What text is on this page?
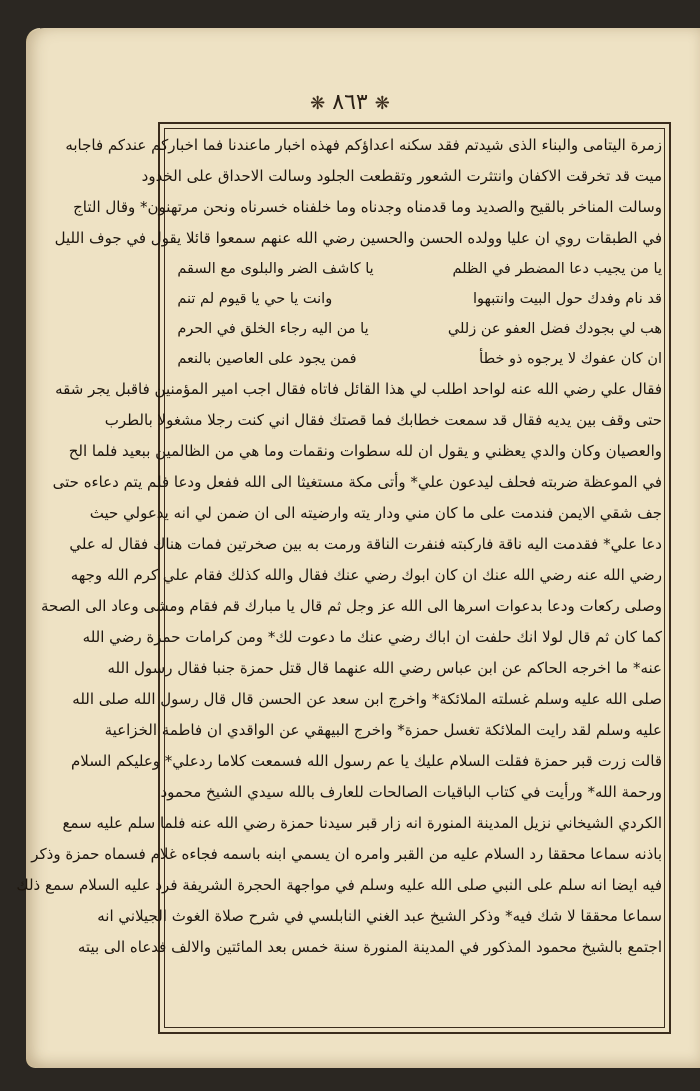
❋ ٨٦٣ ❋
زمرة اليتامى والبناء الذى شيدتم فقد سكنه اعداؤكم فهذه اخبار ماعندنا فما اخباركم عندكم فاجابه
ميت قد تخرقت الاكفان وانتثرت الشعور وتقطعت الجلود وسالت الاحداق على الخدود
وسالت المناخر بالقيح والصديد وما قدمناه وجدناه وما خلفناه خسرناه ونحن مرتهنون* وقال التاج
في الطبقات روي ان عليا وولده الحسن والحسين رضي الله عنهم سمعوا قائلا يقول في جوف الليل
يا من يجيب دعا المضطر في الظلم يا كاشف الضر والبلوى مع السقم
قد نام وفدك حول البيت وانتبهوا وانت يا حي يا قيوم لم تنم
هب لي بجودك فضل العفو عن زللي يا من اليه رجاء الخلق في الحرم
ان كان عفوك لا يرجوه ذو خطأ فمن يجود على العاصين بالنعم
فقال علي رضي الله عنه لواحد اطلب لي هذا القائل فاتاه فقال اجب امير المؤمنين فاقبل يجر شقه
حتى وقف بين يديه فقال قد سمعت خطابك فما قصتك فقال اني كنت رجلا مشغولا بالطرب
والعصيان وكان والدي يعظني و يقول ان لله سطوات ونقمات وما هي من الظالمين ببعيد فلما الح
في الموعظة ضربته فحلف ليدعون علي* وأتى مكة مستغيثا الى الله ففعل ودعا فلم يتم دعاءه حتى
جف شقي الايمن فندمت على ما كان مني ودار يته وارضيته الى ان ضمن لي انه يدعولي حيث
دعا علي* فقدمت اليه ناقة فاركبته فنفرت الناقة ورمت به بين صخرتين فمات هناك فقال له علي
رضي الله عنه رضي الله عنك ان كان ابوك رضي عنك فقال والله كذلك فقام علي كرم الله وجهه
وصلى ركعات ودعا بدعوات اسرها الى الله عز وجل ثم قال يا مبارك قم فقام ومشى وعاد الى الصحة
كما كان ثم قال لولا انك حلفت ان اباك رضي عنك ما دعوت لك* ومن كرامات حمزة رضي الله
عنه* ما اخرجه الحاكم عن ابن عباس رضي الله عنهما قال قتل حمزة جنبا فقال رسول الله
صلى الله عليه وسلم غسلته الملائكة* واخرج ابن سعد عن الحسن قال قال رسول الله صلى الله
عليه وسلم لقد رايت الملائكة تغسل حمزة* واخرج البيهقي عن الواقدي ان فاطمة الخزاعية
قالت زرت قبر حمزة فقلت السلام عليك يا عم رسول الله فسمعت كلاما ردعلي* وعليكم السلام
ورحمة الله* ورأيت في كتاب الباقيات الصالحات للعارف بالله سيدي الشيخ محمود
الكردي الشيخاني نزيل المدينة المنورة انه زار قبر سيدنا حمزة رضي الله عنه فلما سلم عليه سمع
باذنه سماعا محققا رد السلام عليه من القبر وامره ان يسمي ابنه باسمه فجاءه غلام فسماه حمزة وذكر
فيه ايضا انه سلم على النبي صلى الله عليه وسلم في مواجهة الحجرة الشريفة فرد عليه السلام سمع ذلك
سماعا محققا لا شك فيه* وذكر الشيخ عبد الغني النابلسي في شرح صلاة الغوث الجيلاني انه
اجتمع بالشيخ محمود المذكور في المدينة المنورة سنة خمس بعد المائتين والالف فدعاه الى بيته
